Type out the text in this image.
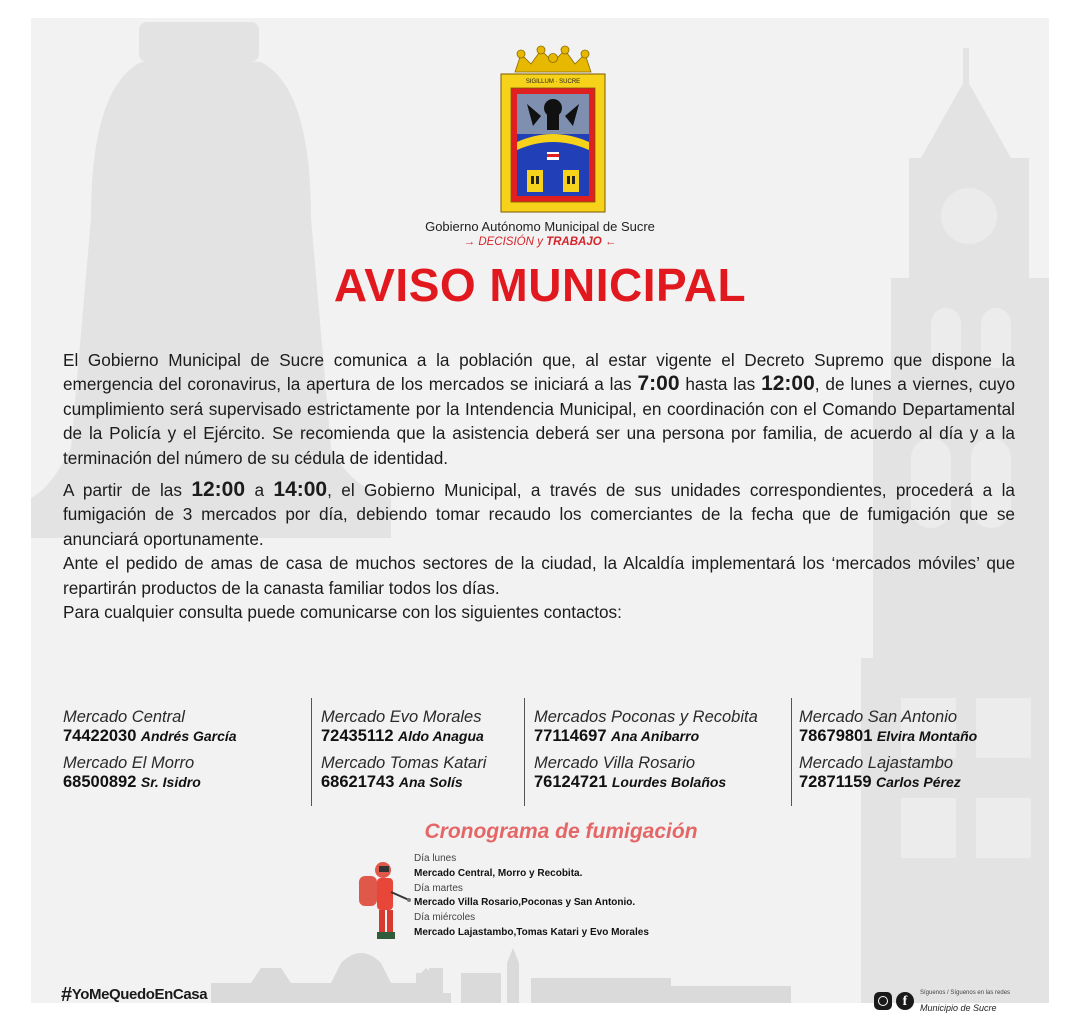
SIGILLUM · SUCRE
Gobierno Autónomo Municipal de Sucre
→ DECISIÓN y TRABAJO ←
AVISO MUNICIPAL

El Gobierno Municipal de Sucre comunica a la población que, al estar vigente el Decreto Supremo que dispone la emergencia del coronavirus, la apertura de los mercados se iniciará a las 7:00 hasta las 12:00, de lunes a viernes, cuyo cumplimiento será supervisado estrictamente por la Intendencia Municipal, en coordinación con el Comando Departamental de la Policía y el Ejército. Se recomienda que la asistencia deberá ser una persona por familia, de acuerdo al día y a la terminación del número de su cédula de identidad.

A partir de las 12:00 a 14:00, el Gobierno Municipal, a través de sus unidades correspondientes, procederá a la fumigación de 3 mercados por día, debiendo tomar recaudo los comerciantes de la fecha que de fumigación que se anunciará oportunamente.

Ante el pedido de amas de casa de muchos sectores de la ciudad, la Alcaldía implementará los ‘mercados móviles’ que repartirán productos de la canasta familiar todos los días.

Para cualquier consulta puede comunicarse con los siguientes contactos:

Mercado Central
74422030 Andrés García
Mercado El Morro
68500892 Sr. Isidro
Mercado Evo Morales
72435112 Aldo Anagua
Mercado Tomas Katari
68621743 Ana Solís
Mercados Poconas y Recobita
77114697 Ana Anibarro
Mercado Villa Rosario
76124721 Lourdes Bolaños
Mercado San Antonio
78679801 Elvira Montaño
Mercado Lajastambo
72871159 Carlos Pérez
Cronograma de fumigación
Día lunes
Mercado Central, Morro y Recobita.
Día martes
Mercado Villa Rosario,Poconas y San Antonio.
Día miércoles
Mercado Lajastambo,Tomas Katari y Evo Morales
#YoMeQuedoEnCasa	f
Síguenos / Síguenos en las redes
Municipio de Sucre
